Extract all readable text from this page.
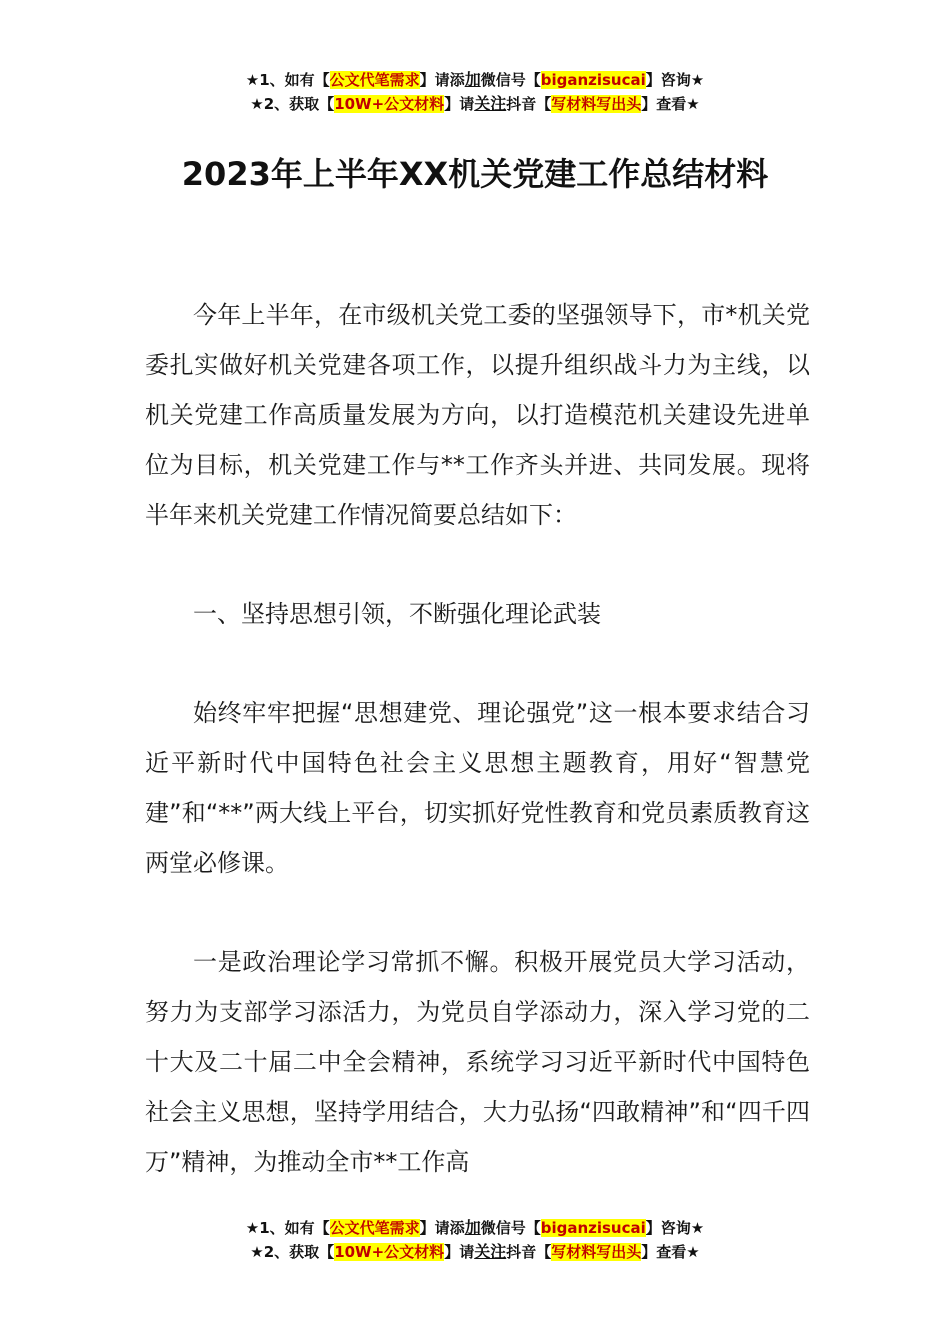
★1、如有【公文代笔需求】请添加微信号【biganzisucai】咨询★
★2、获取【10W+公文材料】请关注抖音【写材料写出头】查看★
2023年上半年XX机关党建工作总结材料

今年上半年，在市级机关党工委的坚强领导下，市*机关党委扎实做好机关党建各项工作，以提升组织战斗力为主线，以机关党建工作高质量发展为方向，以打造模范机关建设先进单位为目标，机关党建工作与**工作齐头并进、共同发展。现将半年来机关党建工作情况简要总结如下：

一、坚持思想引领，不断强化理论武装

始终牢牢把握“思想建党、理论强党”这一根本要求结合习近平新时代中国特色社会主义思想主题教育，用好“智慧党建”和“**”两大线上平台，切实抓好党性教育和党员素质教育这两堂必修课。

一是政治理论学习常抓不懈。积极开展党员大学习活动，努力为支部学习添活力，为党员自学添动力，深入学习党的二十大及二十届二中全会精神，系统学习习近平新时代中国特色社会主义思想，坚持学用结合，大力弘扬“四敢精神”和“四千四万”精神，为推动全市**工作高

★1、如有【公文代笔需求】请添加微信号【biganzisucai】咨询★
★2、获取【10W+公文材料】请关注抖音【写材料写出头】查看★
